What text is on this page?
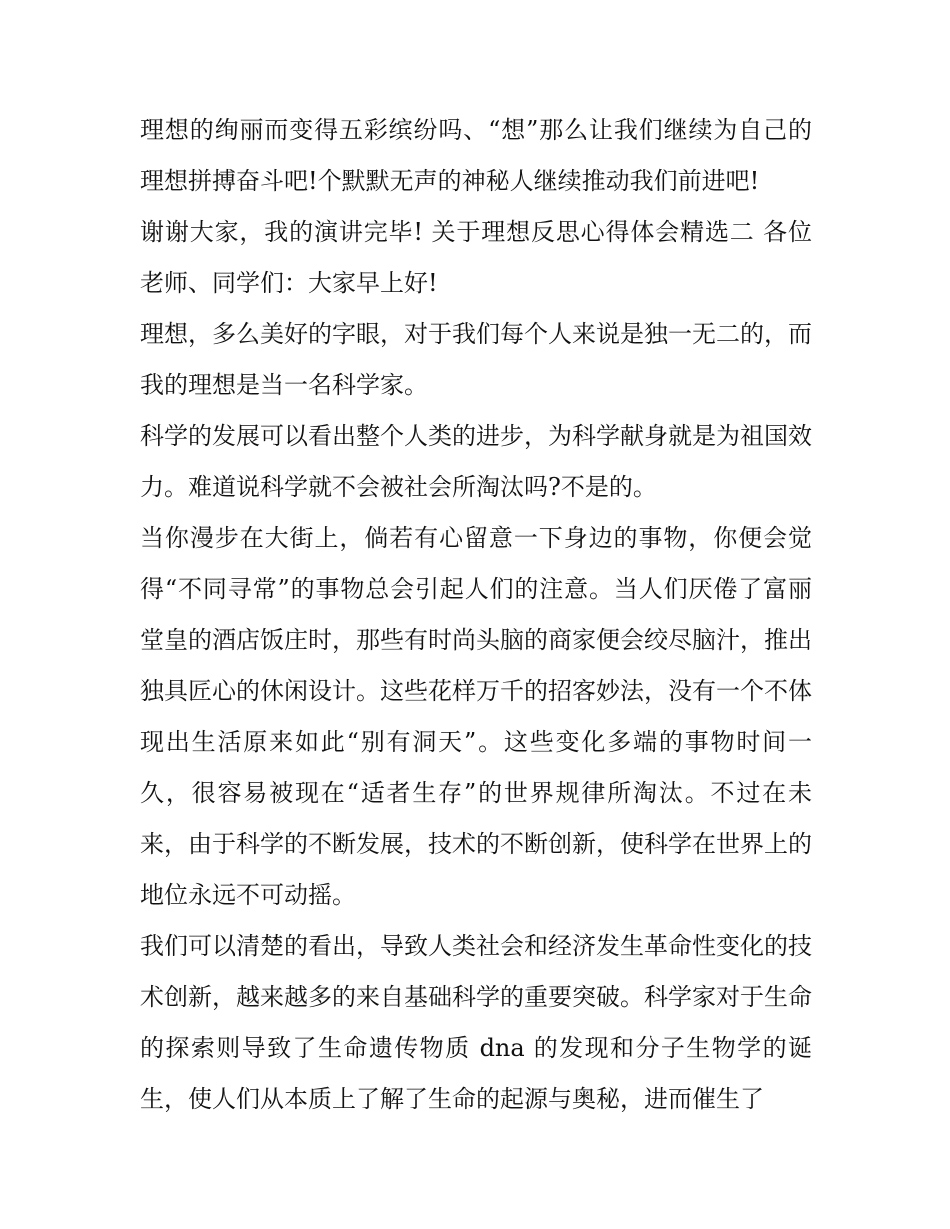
理想的绚丽而变得五彩缤纷吗、“想”那么让我们继续为自己的理想拼搏奋斗吧!个默默无声的神秘人继续推动我们前进吧!

谢谢大家，我的演讲完毕! 关于理想反思心得体会精选二 各位老师、同学们：大家早上好!

理想，多么美好的字眼，对于我们每个人来说是独一无二的，而我的理想是当一名科学家。

科学的发展可以看出整个人类的进步，为科学献身就是为祖国效力。难道说科学就不会被社会所淘汰吗?不是的。

当你漫步在大街上，倘若有心留意一下身边的事物，你便会觉得“不同寻常”的事物总会引起人们的注意。当人们厌倦了富丽堂皇的酒店饭庄时，那些有时尚头脑的商家便会绞尽脑汁，推出独具匠心的休闲设计。这些花样万千的招客妙法，没有一个不体现出生活原来如此“别有洞天”。这些变化多端的事物时间一久，很容易被现在“适者生存”的世界规律所淘汰。不过在未来，由于科学的不断发展，技术的不断创新，使科学在世界上的地位永远不可动摇。

我们可以清楚的看出，导致人类社会和经济发生革命性变化的技术创新，越来越多的来自基础科学的重要突破。科学家对于生命的探索则导致了生命遗传物质 dna 的发现和分子生物学的诞生，使人们从本质上了解了生命的起源与奥秘，进而催生了
